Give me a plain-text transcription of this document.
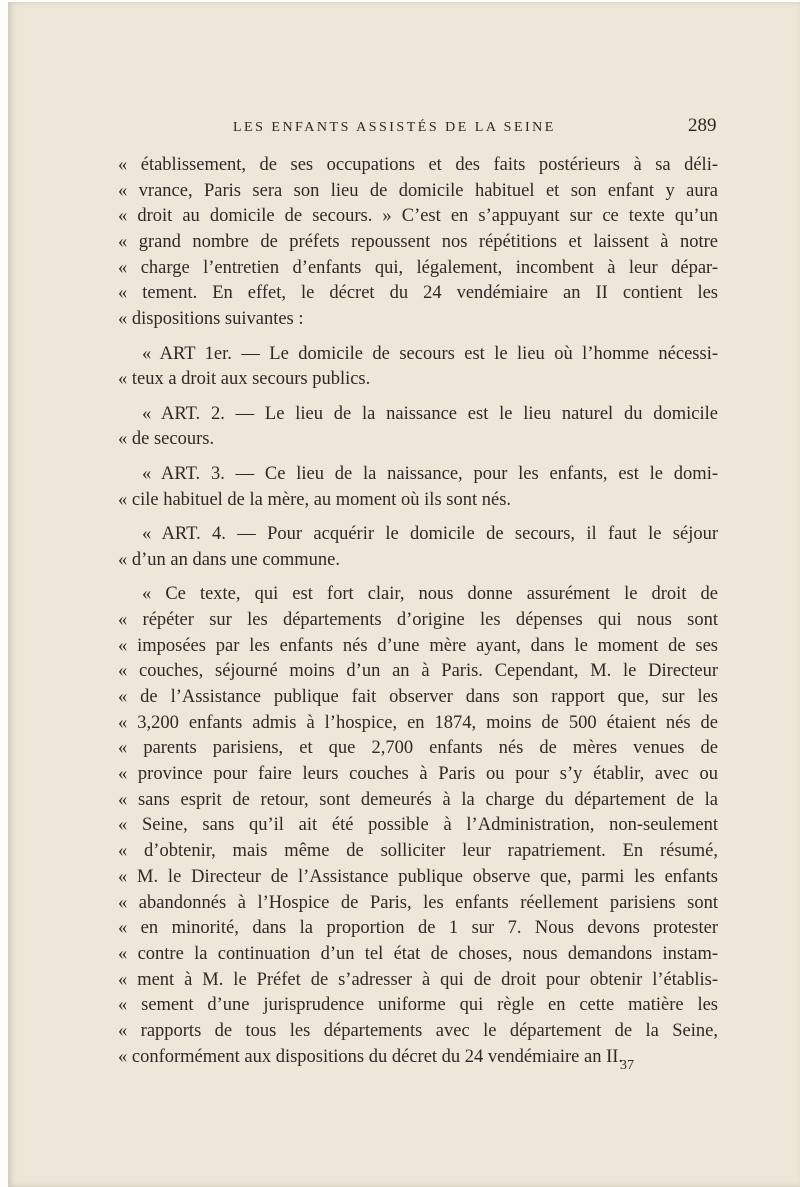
LES ENFANTS ASSISTÉS DE LA SEINE	289
« établissement, de ses occupations et des faits postérieurs à sa déli-
« vrance, Paris sera son lieu de domicile habituel et son enfant y aura
« droit au domicile de secours. » C’est en s’appuyant sur ce texte qu’un
« grand nombre de préfets repoussent nos répétitions et laissent à notre
« charge l’entretien d’enfants qui, légalement, incombent à leur dépar-
« tement. En effet, le décret du 24 vendémiaire an II contient les
« dispositions suivantes :
« ART 1er. — Le domicile de secours est le lieu où l’homme nécessi-
« teux a droit aux secours publics.
« ART. 2. — Le lieu de la naissance est le lieu naturel du domicile
« de secours.
« ART. 3. — Ce lieu de la naissance, pour les enfants, est le domi-
« cile habituel de la mère, au moment où ils sont nés.
« ART. 4. — Pour acquérir le domicile de secours, il faut le séjour
« d’un an dans une commune.
« Ce texte, qui est fort clair, nous donne assurément le droit de
« répéter sur les départements d’origine les dépenses qui nous sont
« imposées par les enfants nés d’une mère ayant, dans le moment de ses
« couches, séjourné moins d’un an à Paris. Cependant, M. le Directeur
« de l’Assistance publique fait observer dans son rapport que, sur les
« 3,200 enfants admis à l’hospice, en 1874, moins de 500 étaient nés de
« parents parisiens, et que 2,700 enfants nés de mères venues de
« province pour faire leurs couches à Paris ou pour s’y établir, avec ou
« sans esprit de retour, sont demeurés à la charge du département de la
« Seine, sans qu’il ait été possible à l’Administration, non-seulement
« d’obtenir, mais même de solliciter leur rapatriement. En résumé,
« M. le Directeur de l’Assistance publique observe que, parmi les enfants
« abandonnés à l’Hospice de Paris, les enfants réellement parisiens sont
« en minorité, dans la proportion de 1 sur 7. Nous devons protester
« contre la continuation d’un tel état de choses, nous demandons instam-
« ment à M. le Préfet de s’adresser à qui de droit pour obtenir l’établis-
« sement d’une jurisprudence uniforme qui règle en cette matière les
« rapports de tous les départements avec le département de la Seine,
« conformément aux dispositions du décret du 24 vendémiaire an II.
37
